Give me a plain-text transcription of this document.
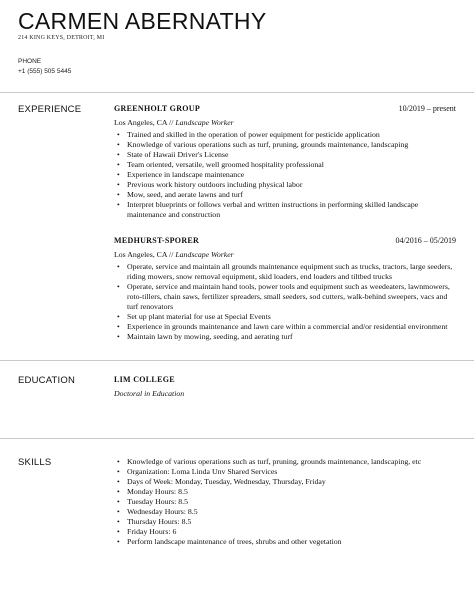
CARMEN ABERNATHY
214 KING KEYS, DETROIT, MI
PHONE
+1 (555) 505 5445
EXPERIENCE	GREENHOLT GROUP	10/2019 – present
Los Angeles, CA // Landscape Worker
• Trained and skilled in the operation of power equipment for pesticide application
• Knowledge of various operations such as turf, pruning, grounds maintenance, landscaping
• State of Hawaii Driver's License
• Team oriented, versatile, well groomed hospitality professional
• Experience in landscape maintenance
• Previous work history outdoors including physical labor
• Mow, seed, and aerate lawns and turf
• Interpret blueprints or follows verbal and written instructions in performing skilled landscape maintenance and construction
MEDHURST-SPORER	04/2016 – 05/2019
Los Angeles, CA // Landscape Worker
• Operate, service and maintain all grounds maintenance equipment such as trucks, tractors, large seeders, riding mowers, snow removal equipment, skid loaders, end loaders and tiltbed trucks
• Operate, service and maintain hand tools, power tools and equipment such as weedeaters, lawnmowers, roto-tillers, chain saws, fertilizer spreaders, small seeders, sod cutters, walk-behind sweepers, vacs and turf renovators
• Set up plant material for use at Special Events
• Experience in grounds maintenance and lawn care within a commercial and/or residential environment
• Maintain lawn by mowing, seeding, and aerating turf
EDUCATION	LIM COLLEGE
Doctoral in Education
SKILLS
•	Knowledge of various operations such as turf, pruning, grounds maintenance, landscaping, etc
• Organization: Loma Linda Unv Shared Services
• Days of Week: Monday, Tuesday, Wednesday, Thursday, Friday
• Monday Hours: 8.5
• Tuesday Hours: 8.5
• Wednesday Hours: 8.5
• Thursday Hours: 8.5
• Friday Hours: 6
• Perform landscape maintenance of trees, shrubs and other vegetation
